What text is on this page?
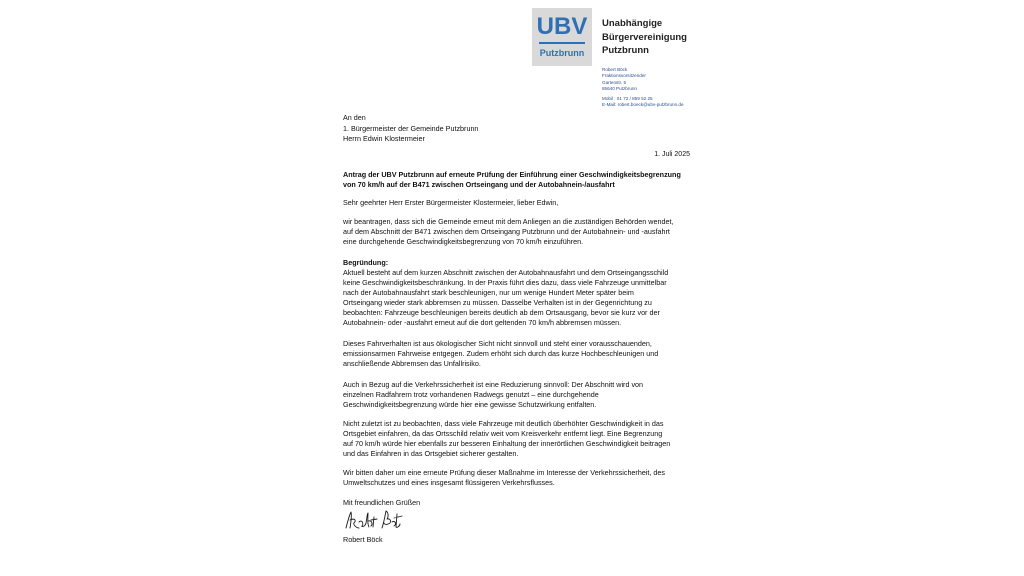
UBV
Putzbrunn
Unabhängige
Bürgervereinigung
Putzbrunn
Robert Böck
Fraktionsvorsitzender
Gartenstr. 5
85640 Putzbrunn
Mobil : 01 72 / 859 52 25
E-Mail: robert.boeck@ubv-putzbrunn.de
An den
1. Bürgermeister der Gemeinde Putzbrunn
Herrn Edwin Klostermeier
1. Juli 2025
Antrag der UBV Putzbrunn auf erneute Prüfung der Einführung einer Geschwindigkeitsbegrenzung
von 70 km/h auf der B471 zwischen Ortseingang und der Autobahnein-/ausfahrt
Sehr geehrter Herr Erster Bürgermeister Klostermeier, lieber Edwin,
wir beantragen, dass sich die Gemeinde erneut mit dem Anliegen an die zuständigen Behörden wendet,
auf dem Abschnitt der B471 zwischen dem Ortseingang Putzbrunn und der Autobahnein- und -ausfahrt
eine durchgehende Geschwindigkeitsbegrenzung von 70 km/h einzuführen.
Begründung:
Aktuell besteht auf dem kurzen Abschnitt zwischen der Autobahnausfahrt und dem Ortseingangsschild
keine Geschwindigkeitsbeschränkung. In der Praxis führt dies dazu, dass viele Fahrzeuge unmittelbar
nach der Autobahnausfahrt stark beschleunigen, nur um wenige Hundert Meter später beim
Ortseingang wieder stark abbremsen zu müssen. Dasselbe Verhalten ist in der Gegenrichtung zu
beobachten: Fahrzeuge beschleunigen bereits deutlich ab dem Ortsausgang, bevor sie kurz vor der
Autobahnein- oder -ausfahrt erneut auf die dort geltenden 70 km/h abbremsen müssen.
Dieses Fahrverhalten ist aus ökologischer Sicht nicht sinnvoll und steht einer vorausschauenden,
emissionsarmen Fahrweise entgegen. Zudem erhöht sich durch das kurze Hochbeschleunigen und
anschließende Abbremsen das Unfallrisiko.
Auch in Bezug auf die Verkehrssicherheit ist eine Reduzierung sinnvoll: Der Abschnitt wird von
einzelnen Radfahrern trotz vorhandenen Radwegs genutzt – eine durchgehende
Geschwindigkeitsbegrenzung würde hier eine gewisse Schutzwirkung entfalten.
Nicht zuletzt ist zu beobachten, dass viele Fahrzeuge mit deutlich überhöhter Geschwindigkeit in das
Ortsgebiet einfahren, da das Ortsschild relativ weit vom Kreisverkehr entfernt liegt. Eine Begrenzung
auf 70 km/h würde hier ebenfalls zur besseren Einhaltung der innerörtlichen Geschwindigkeit beitragen
und das Einfahren in das Ortsgebiet sicherer gestalten.
Wir bitten daher um eine erneute Prüfung dieser Maßnahme im Interesse der Verkehrssicherheit, des
Umweltschutzes und eines insgesamt flüssigeren Verkehrsflusses.
Mit freundlichen Grüßen
Robert Böck
